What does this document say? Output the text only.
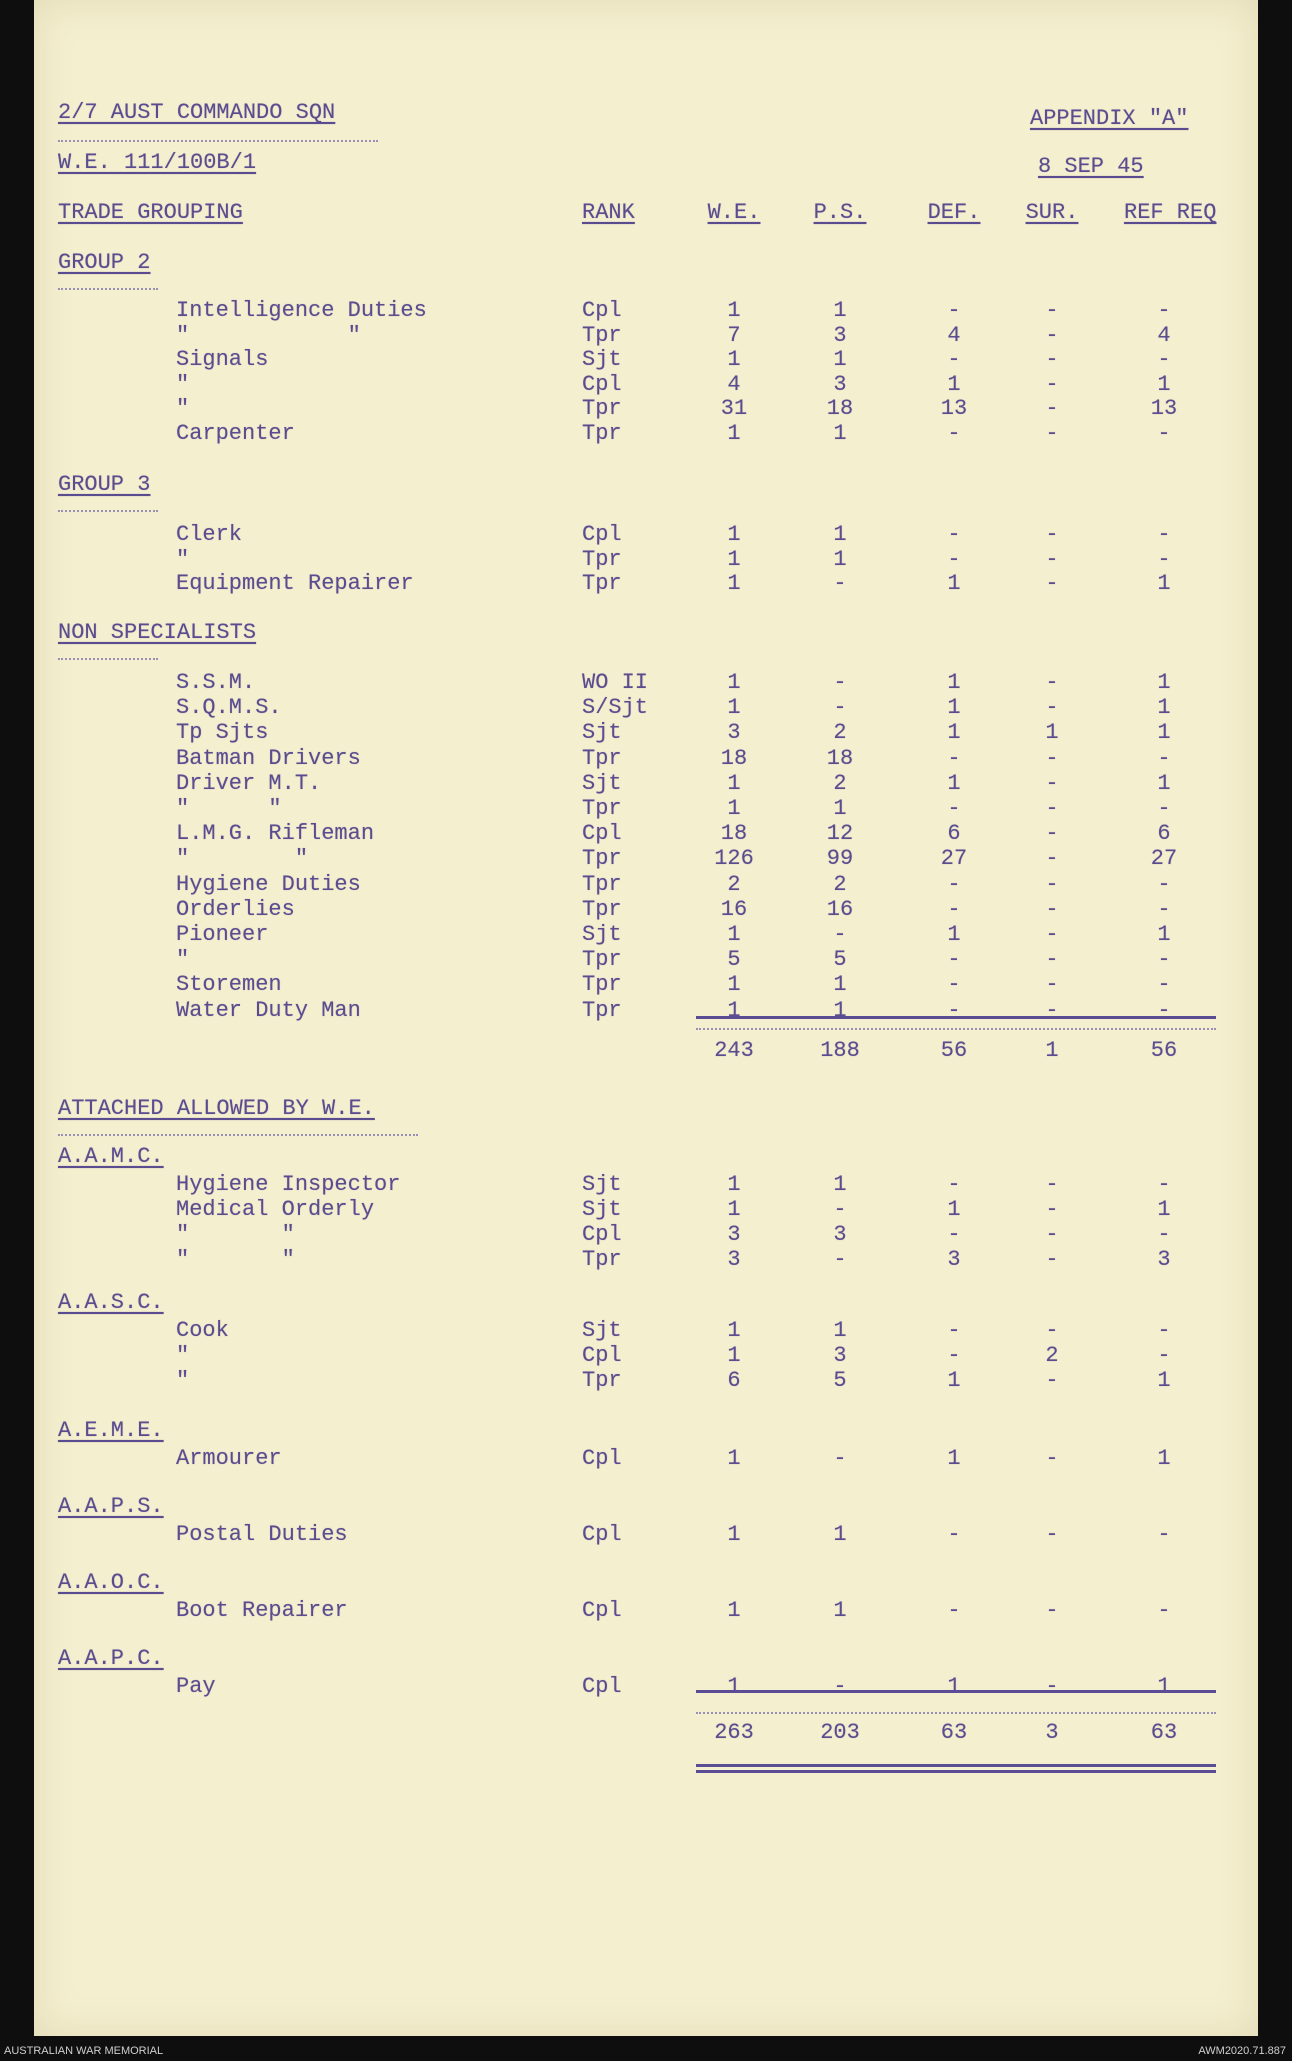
2/7 AUST COMMANDO SQN
W.E. 111/100B/1
APPENDIX "A"
8 SEP 45
TRADE GROUPING	RANK	W.E.	P.S.	DEF.	SUR.	REF REQ
GROUP 2
Intelligence Duties	Cpl	1	1	-	-	-
"            "	Tpr	7	3	4	-	4
Signals	Sjt	1	1	-	-	-
"	Cpl	4	3	1	-	1
"	Tpr	31	18	13	-	13
Carpenter	Tpr	1	1	-	-	-
GROUP 3
Clerk	Cpl	1	1	-	-	-
"	Tpr	1	1	-	-	-
Equipment Repairer	Tpr	1	-	1	-	1
NON SPECIALISTS
S.S.M.	WO II	1	-	1	-	1
S.Q.M.S.	S/Sjt	1	-	1	-	1
Tp Sjts	Sjt	3	2	1	1	1
Batman Drivers	Tpr	18	18	-	-	-
Driver M.T.	Sjt	1	2	1	-	1
"      "	Tpr	1	1	-	-	-
L.M.G. Rifleman	Cpl	18	12	6	-	6
"        "	Tpr	126	99	27	-	27
Hygiene Duties	Tpr	2	2	-	-	-
Orderlies	Tpr	16	16	-	-	-
Pioneer	Sjt	1	-	1	-	1
"	Tpr	5	5	-	-	-
Storemen	Tpr	1	1	-	-	-
Water Duty Man	Tpr	1	1	-	-	-
243	188	56	1	56
ATTACHED ALLOWED BY W.E.
A.A.M.C.
Hygiene Inspector	Sjt	1	1	-	-	-
Medical Orderly	Sjt	1	-	1	-	1
"       "	Cpl	3	3	-	-	-
"       "	Tpr	3	-	3	-	3
A.A.S.C.
Cook	Sjt	1	1	-	-	-
"	Cpl	1	3	-	2	-
"	Tpr	6	5	1	-	1
A.E.M.E.
Armourer	Cpl	1	-	1	-	1
A.A.P.S.
Postal Duties	Cpl	1	1	-	-	-
A.A.O.C.
Boot Repairer	Cpl	1	1	-	-	-
A.A.P.C.
Pay	Cpl	1	-	1	-	1
263	203	63	3	63
AUSTRALIAN WAR MEMORIAL	AWM2020.71.887
